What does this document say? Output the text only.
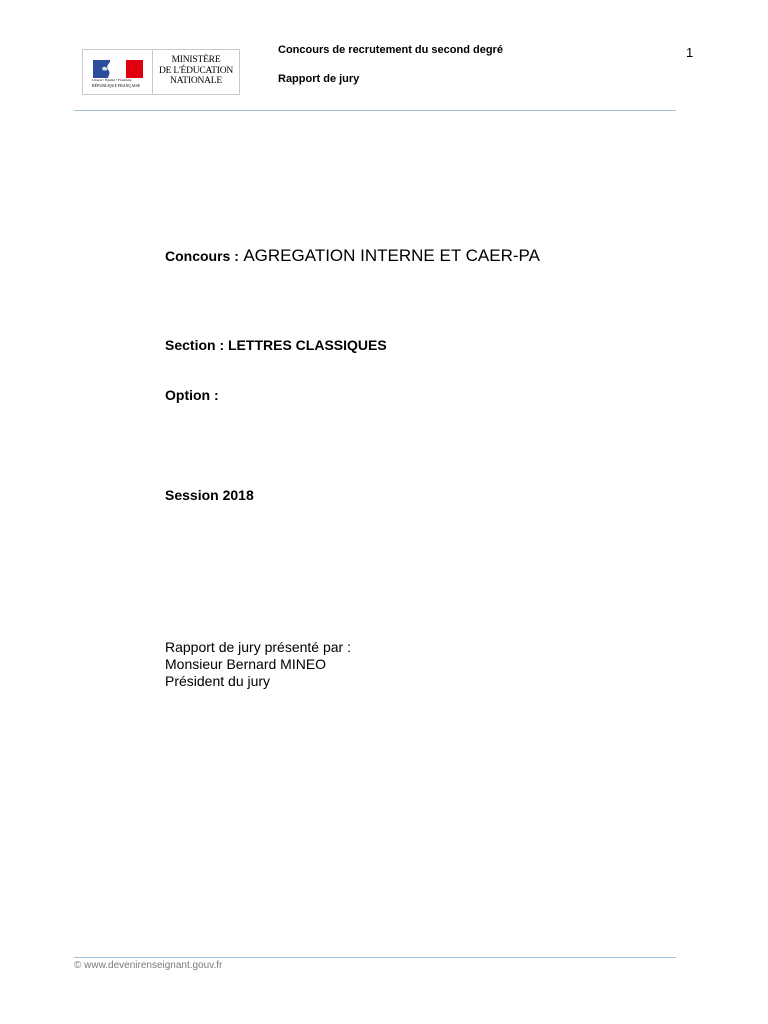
Liberté • Égalité • Fraternité
RÉPUBLIQUE FRANÇAISE
MINISTÈRE
DE L'ÉDUCATION
NATIONALE
Concours de recrutement du second degré
Rapport de jury
1
Concours : AGREGATION INTERNE ET CAER-PA
Section : LETTRES CLASSIQUES
Option :
Session 2018
Rapport de jury présenté par :
Monsieur Bernard MINEO
Président du jury
© www.devenirenseignant.gouv.fr
